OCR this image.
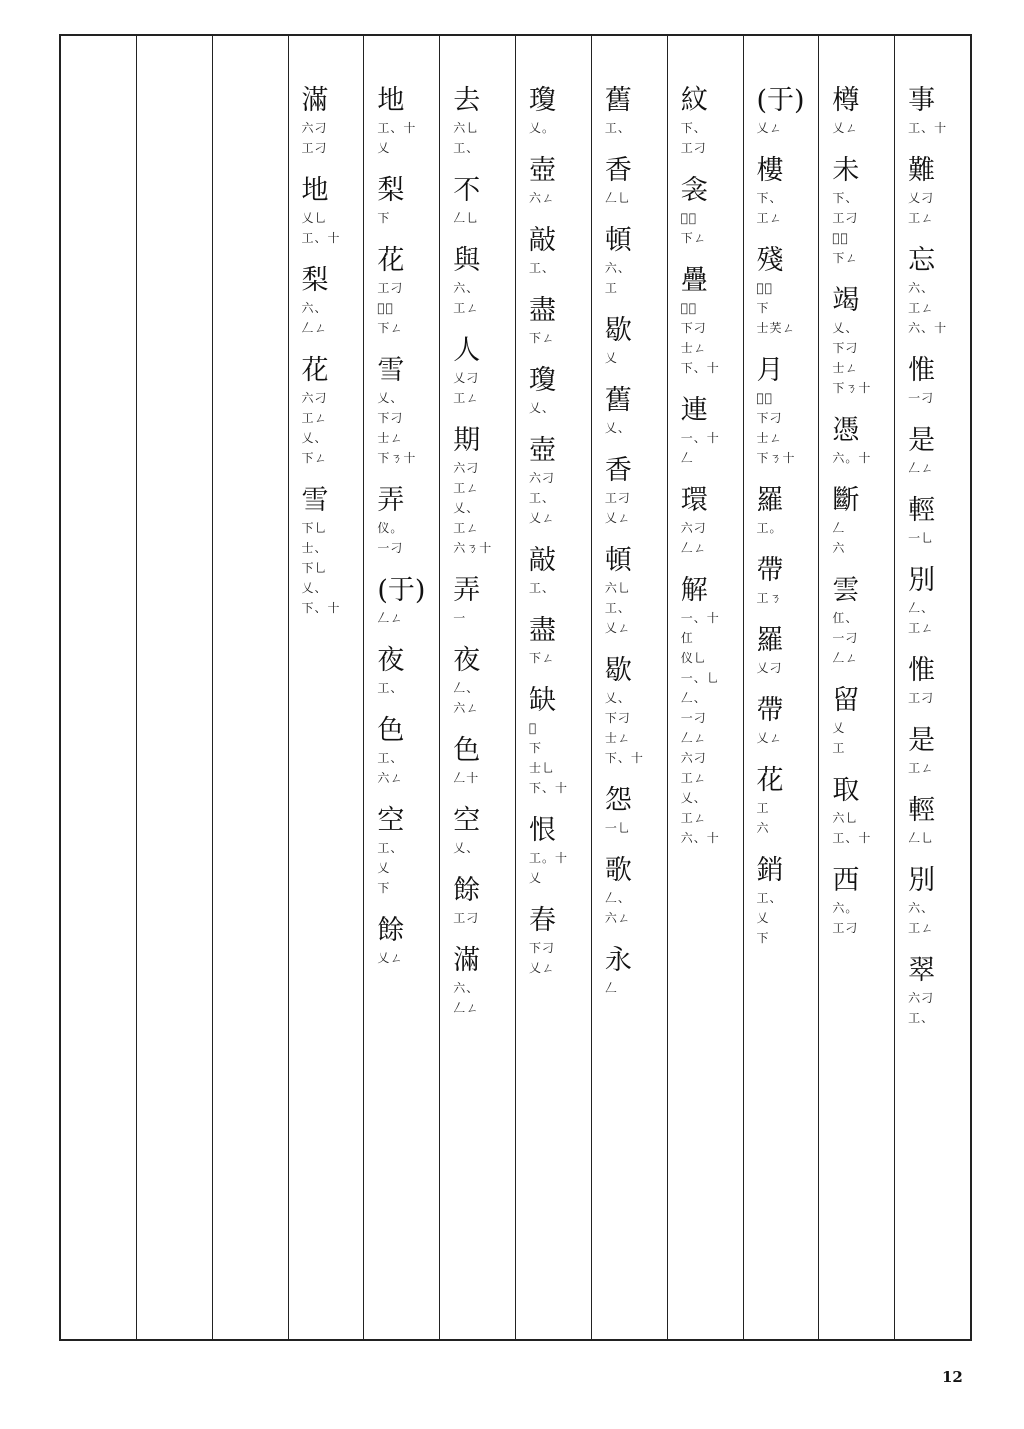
事
工、十
難
乂刁
工ㄥ
忘
六、
工ㄥ
六、十
惟
一刁
是
𠃋ㄥ
輕
一乚
別
𠃋、
工ㄥ
惟
工刁
是
工ㄥ
輕
𠃋乚
別
六、
工ㄥ
翠
六刁
工、
樽
乂ㄥ
未
下、
工刁
𠬙、
下ㄥ
竭
乂、
下刁
士ㄥ
下ㄋ十
憑
六。十
斷
𠃋
六
雲
仜、
一刁
𠃋ㄥ
留
乂
工
取
六乚
工、十
西
六。
工刁
(于)
乂ㄥ
樓
下、
工ㄥ
殘
𠬙、
下
士芺ㄥ
月
𠬙、
下刁
士ㄥ
下ㄋ十
羅
工。
帶
工ㄋ
羅
乂刁
帶
乂ㄥ
花
工
六
銷
工、
乂
下
紋
下、
工刁
衾
𠬙、
下ㄥ
疊
𠬙、
下刁
士ㄥ
下、十
連
一、十
𠃋
環
六刁
𠃋ㄥ
解
一、十
仜
仪乚
一、乚
𠃋、
一刁
𠃋ㄥ
六刁
工ㄥ
乂、
工ㄥ
六、十
舊
工、
香
𠃋乚
頓
六、
工
歇
乂
舊
乂、
香
工刁
乂ㄥ
頓
六乚
工、
乂ㄥ
歇
乂、
下刁
士ㄥ
下、十
怨
一乚
歌
𠃋、
六ㄥ
永
𠃋
瓊
乂。
壺
六ㄥ
敲
工、
盡
下ㄥ
瓊
乂、
壺
六刁
工、
乂ㄥ
敲
工、
盡
下ㄥ
缺
𠬙
下
士乚
下、十
恨
工。十
乂
春
下刁
乂ㄥ
去
六乚
工、
不
𠃋乚
與
六、
工ㄥ
人
乂刁
工ㄥ
期
六刁
工ㄥ
乂、
工ㄥ
六ㄋ十
弄
一
夜
𠃋、
六ㄥ
色
𠃋十
空
乂、
餘
工刁
滿
六、
𠃋ㄥ
地
工、十
乂
梨
下
花
工刁
𠬙、
下ㄥ
雪
乂、
下刁
士ㄥ
下ㄋ十
弄
仪。
一刁
(于)
𠃋ㄥ
夜
工、
色
工、
六ㄥ
空
工、
乂
下
餘
乂ㄥ
滿
六刁
工刁
地
乂乚
工、十
梨
六、
𠃋ㄥ
花
六刁
工ㄥ
乂、
下ㄥ
雪
下乚
士、
下乚
乂、
下、十
12
